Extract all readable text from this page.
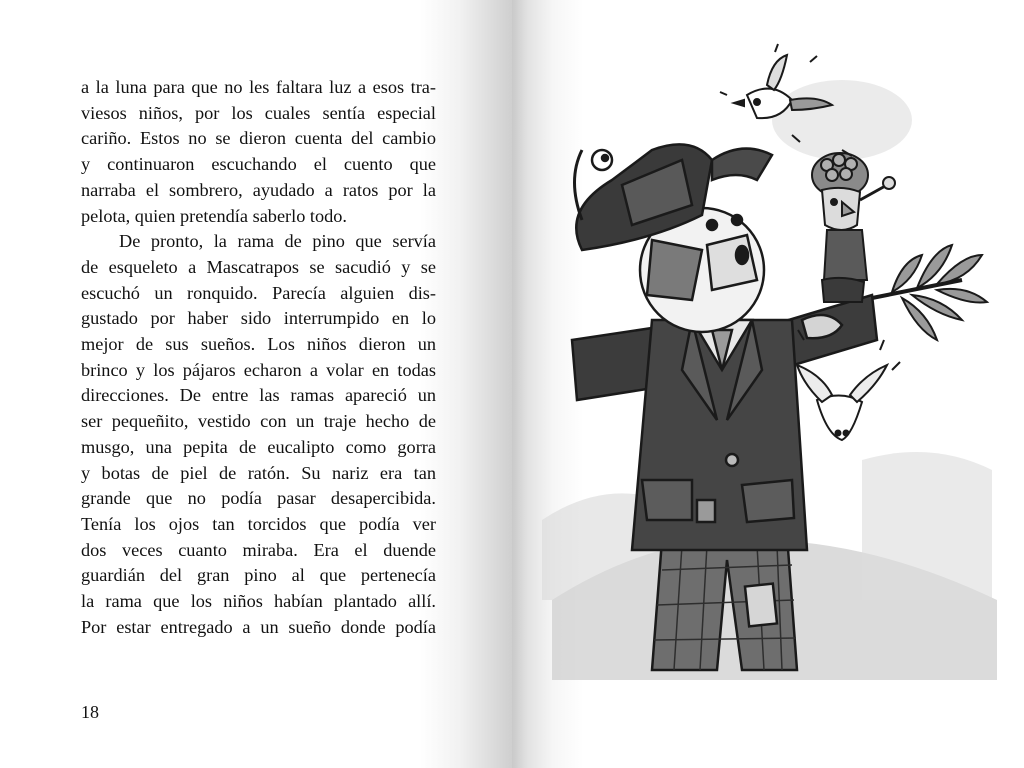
a la luna para que no les faltara luz a esos tra-
viesos niños, por los cuales sentía especial
cariño. Estos no se dieron cuenta del cambio
y continuaron escuchando el cuento que
narraba el sombrero, ayudado a ratos por la
pelota, quien pretendía saberlo todo.
De pronto, la rama de pino que servía
de esqueleto a Mascatrapos se sacudió y se
escuchó un ronquido. Parecía alguien dis-
gustado por haber sido interrumpido en lo
mejor de sus sueños. Los niños dieron un
brinco y los pájaros echaron a volar en todas
direcciones. De entre las ramas apareció un
ser pequeñito, vestido con un traje hecho de
musgo, una pepita de eucalipto como gorra
y botas de piel de ratón. Su nariz era tan
grande que no podía pasar desapercibida.
Tenía los ojos tan torcidos que podía ver
dos veces cuanto miraba. Era el duende
guardián del gran pino al que pertenecía
la rama que los niños habían plantado allí.
Por estar entregado a un sueño donde podía
18
